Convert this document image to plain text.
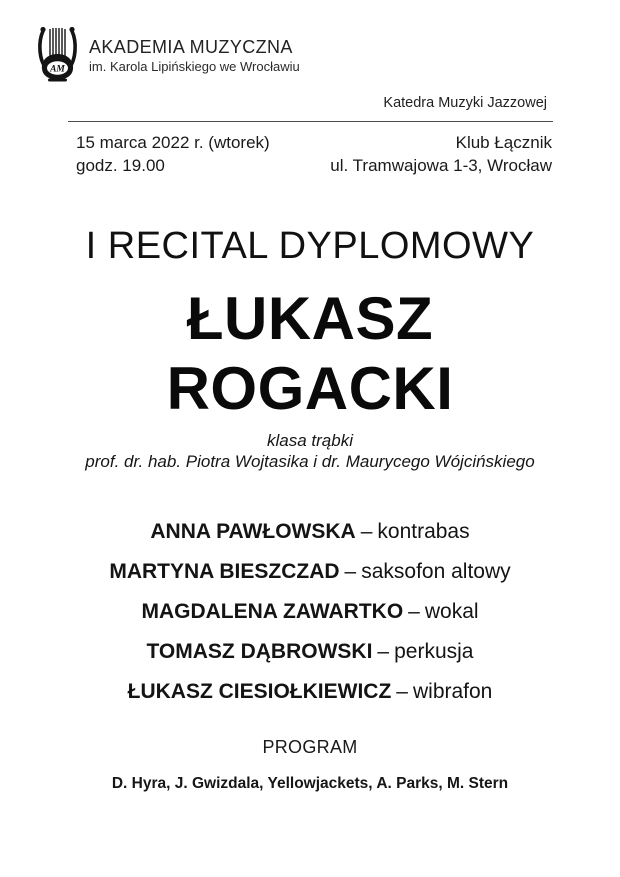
AM
AKADEMIA MUZYCZNA
im. Karola Lipińskiego we Wrocławiu
Katedra Muzyki Jazzowej
15 marca 2022 r. (wtorek)
godz. 19.00
Klub Łącznik
ul. Tramwajowa 1-3, Wrocław
I RECITAL DYPLOMOWY
ŁUKASZ
ROGACKI
klasa trąbki
prof. dr. hab. Piotra Wojtasika i dr. Maurycego Wójcińskiego
ANNA PAWŁOWSKA – kontrabas
MARTYNA BIESZCZAD – saksofon altowy
MAGDALENA ZAWARTKO – wokal
TOMASZ DĄBROWSKI – perkusja
ŁUKASZ CIESIOŁKIEWICZ – wibrafon
PROGRAM
D. Hyra, J. Gwizdala, Yellowjackets, A. Parks, M. Stern
